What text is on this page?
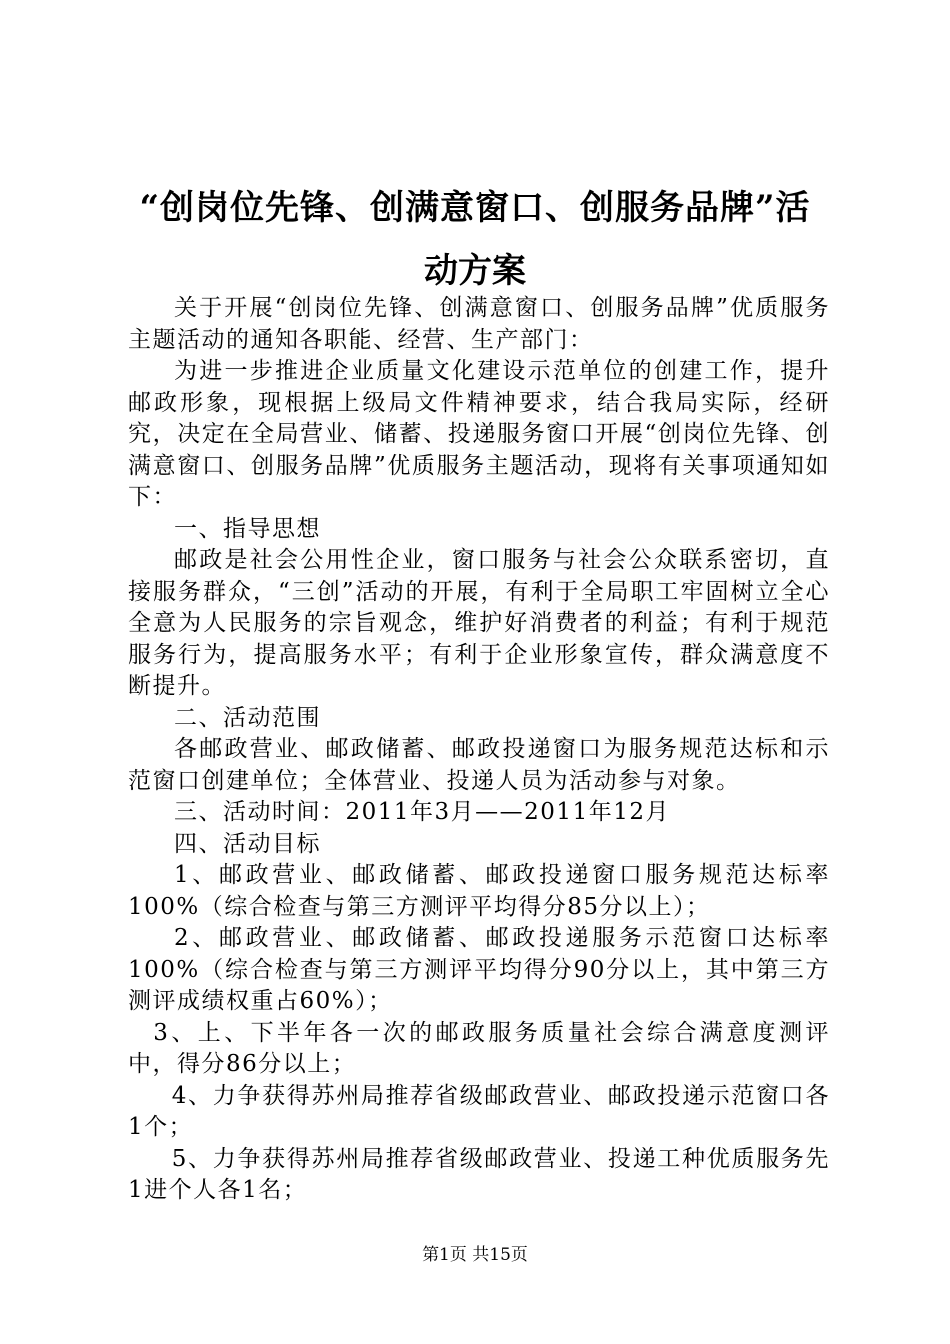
“创岗位先锋、创满意窗口、创服务品牌”活
动方案

关于开展“创岗位先锋、创满意窗口、创服务品牌”优质服务主题活动的通知各职能、经营、生产部门：

为进一步推进企业质量文化建设示范单位的创建工作，提升邮政形象，现根据上级局文件精神要求，结合我局实际，经研究，决定在全局营业、储蓄、投递服务窗口开展“创岗位先锋、创满意窗口、创服务品牌”优质服务主题活动，现将有关事项通知如下：

一、指导思想

邮政是社会公用性企业，窗口服务与社会公众联系密切，直接服务群众，“三创”活动的开展，有利于全局职工牢固树立全心全意为人民服务的宗旨观念，维护好消费者的利益；有利于规范服务行为，提高服务水平；有利于企业形象宣传，群众满意度不断提升。

二、活动范围

各邮政营业、邮政储蓄、邮政投递窗口为服务规范达标和示范窗口创建单位；全体营业、投递人员为活动参与对象。

三、活动时间：2011年3月——2011年12月

四、活动目标

1、邮政营业、邮政储蓄、邮政投递窗口服务规范达标率100%（综合检查与第三方测评平均得分85分以上）；

2、邮政营业、邮政储蓄、邮政投递服务示范窗口达标率100%（综合检查与第三方测评平均得分90分以上，其中第三方测评成绩权重占60%）；

3、上、下半年各一次的邮政服务质量社会综合满意度测评中，得分86分以上；

4、力争获得苏州局推荐省级邮政营业、邮政投递示范窗口各1个；

5、力争获得苏州局推荐省级邮政营业、投递工种优质服务先1进个人各1名；

第1页 共15页
